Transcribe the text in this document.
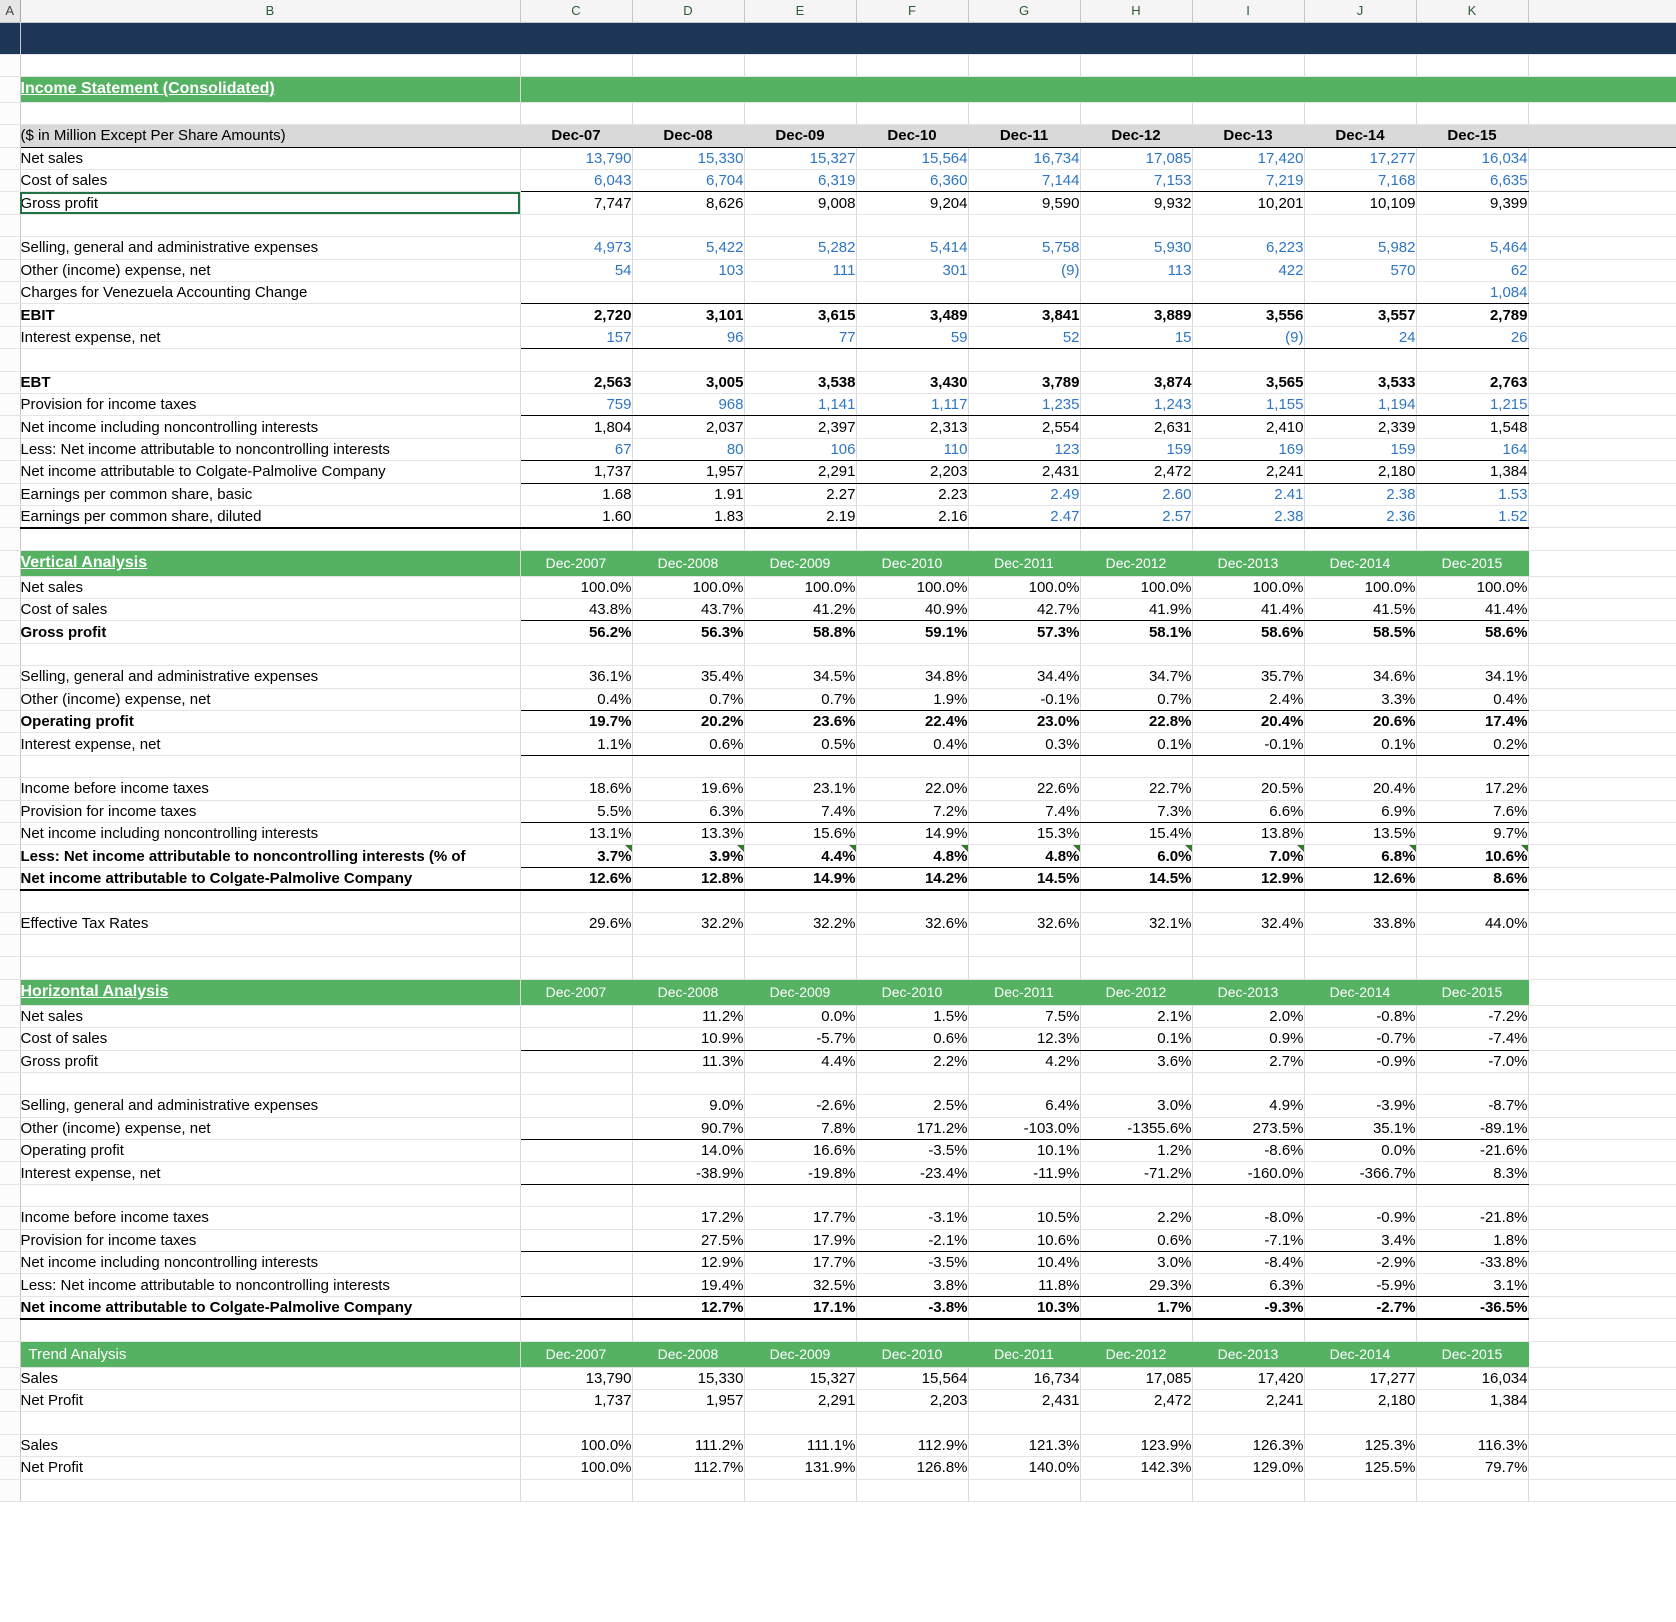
A	B	C	D	E	F	G	H	I	J	K		

	Income Statement (Consolidated)											

	($ in Million Except Per Share Amounts)	Dec-07	Dec-08	Dec-09	Dec-10	Dec-11	Dec-12	Dec-13	Dec-14	Dec-15		
	Net sales	13,790	15,330	15,327	15,564	16,734	17,085	17,420	17,277	16,034		
	Cost of sales	6,043	6,704	6,319	6,360	7,144	7,153	7,219	7,168	6,635		
	Gross profit	7,747	8,626	9,008	9,204	9,590	9,932	10,201	10,109	9,399		

	Selling, general and administrative expenses	4,973	5,422	5,282	5,414	5,758	5,930	6,223	5,982	5,464		
	Other (income) expense, net	54	103	111	301	(9)	113	422	570	62		
	Charges for Venezuela Accounting Change									1,084		
	EBIT	2,720	3,101	3,615	3,489	3,841	3,889	3,556	3,557	2,789		
	Interest expense, net	157	96	77	59	52	15	(9)	24	26		

	EBT	2,563	3,005	3,538	3,430	3,789	3,874	3,565	3,533	2,763		
	Provision for income taxes	759	968	1,141	1,117	1,235	1,243	1,155	1,194	1,215		
	Net income including noncontrolling interests	1,804	2,037	2,397	2,313	2,554	2,631	2,410	2,339	1,548		
	Less: Net income attributable to noncontrolling interests	67	80	106	110	123	159	169	159	164		
	Net income attributable to Colgate-Palmolive Company	1,737	1,957	2,291	2,203	2,431	2,472	2,241	2,180	1,384		
	Earnings per common share, basic	1.68	1.91	2.27	2.23	2.49	2.60	2.41	2.38	1.53		
	Earnings per common share, diluted	1.60	1.83	2.19	2.16	2.47	2.57	2.38	2.36	1.52		

	Vertical Analysis	Dec-2007	Dec-2008	Dec-2009	Dec-2010	Dec-2011	Dec-2012	Dec-2013	Dec-2014	Dec-2015		
	Net sales	100.0%	100.0%	100.0%	100.0%	100.0%	100.0%	100.0%	100.0%	100.0%		
	Cost of sales	43.8%	43.7%	41.2%	40.9%	42.7%	41.9%	41.4%	41.5%	41.4%		
	Gross profit	56.2%	56.3%	58.8%	59.1%	57.3%	58.1%	58.6%	58.5%	58.6%		

	Selling, general and administrative expenses	36.1%	35.4%	34.5%	34.8%	34.4%	34.7%	35.7%	34.6%	34.1%		
	Other (income) expense, net	0.4%	0.7%	0.7%	1.9%	-0.1%	0.7%	2.4%	3.3%	0.4%		
	Operating profit	19.7%	20.2%	23.6%	22.4%	23.0%	22.8%	20.4%	20.6%	17.4%		
	Interest expense, net	1.1%	0.6%	0.5%	0.4%	0.3%	0.1%	-0.1%	0.1%	0.2%		

	Income before income taxes	18.6%	19.6%	23.1%	22.0%	22.6%	22.7%	20.5%	20.4%	17.2%		
	Provision for income taxes	5.5%	6.3%	7.4%	7.2%	7.4%	7.3%	6.6%	6.9%	7.6%		
	Net income including noncontrolling interests	13.1%	13.3%	15.6%	14.9%	15.3%	15.4%	13.8%	13.5%	9.7%		
	Less: Net income attributable to noncontrolling interests (% of	3.7%	3.9%	4.4%	4.8%	4.8%	6.0%	7.0%	6.8%	10.6%		
	Net income attributable to Colgate-Palmolive Company	12.6%	12.8%	14.9%	14.2%	14.5%	14.5%	12.9%	12.6%	8.6%		

	Effective Tax Rates	29.6%	32.2%	32.2%	32.6%	32.6%	32.1%	32.4%	33.8%	44.0%		

	Horizontal Analysis	Dec-2007	Dec-2008	Dec-2009	Dec-2010	Dec-2011	Dec-2012	Dec-2013	Dec-2014	Dec-2015		
	Net sales		11.2%	0.0%	1.5%	7.5%	2.1%	2.0%	-0.8%	-7.2%		
	Cost of sales		10.9%	-5.7%	0.6%	12.3%	0.1%	0.9%	-0.7%	-7.4%		
	Gross profit		11.3%	4.4%	2.2%	4.2%	3.6%	2.7%	-0.9%	-7.0%		

	Selling, general and administrative expenses		9.0%	-2.6%	2.5%	6.4%	3.0%	4.9%	-3.9%	-8.7%		
	Other (income) expense, net		90.7%	7.8%	171.2%	-103.0%	-1355.6%	273.5%	35.1%	-89.1%		
	Operating profit		14.0%	16.6%	-3.5%	10.1%	1.2%	-8.6%	0.0%	-21.6%		
	Interest expense, net		-38.9%	-19.8%	-23.4%	-11.9%	-71.2%	-160.0%	-366.7%	8.3%		

	Income before income taxes		17.2%	17.7%	-3.1%	10.5%	2.2%	-8.0%	-0.9%	-21.8%		
	Provision for income taxes		27.5%	17.9%	-2.1%	10.6%	0.6%	-7.1%	3.4%	1.8%		
	Net income including noncontrolling interests		12.9%	17.7%	-3.5%	10.4%	3.0%	-8.4%	-2.9%	-33.8%		
	Less: Net income attributable to noncontrolling interests		19.4%	32.5%	3.8%	11.8%	29.3%	6.3%	-5.9%	3.1%		
	Net income attributable to Colgate-Palmolive Company		12.7%	17.1%	-3.8%	10.3%	1.7%	-9.3%	-2.7%	-36.5%		

	Trend Analysis	Dec-2007	Dec-2008	Dec-2009	Dec-2010	Dec-2011	Dec-2012	Dec-2013	Dec-2014	Dec-2015		
	Sales	13,790	15,330	15,327	15,564	16,734	17,085	17,420	17,277	16,034		
	Net Profit	1,737	1,957	2,291	2,203	2,431	2,472	2,241	2,180	1,384		

	Sales	100.0%	111.2%	111.1%	112.9%	121.3%	123.9%	126.3%	125.3%	116.3%		
	Net Profit	100.0%	112.7%	131.9%	126.8%	140.0%	142.3%	129.0%	125.5%	79.7%		
